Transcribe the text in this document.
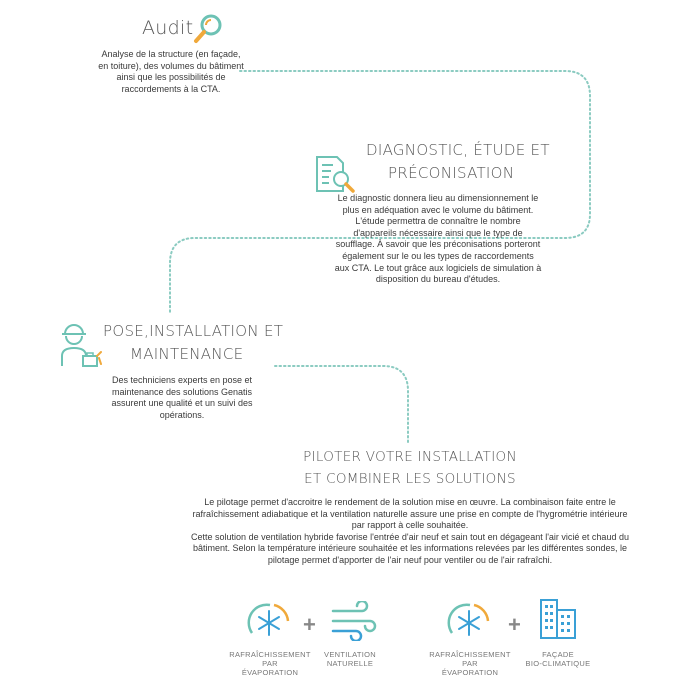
Audit
Analyse de la structure (en façade, en toiture), des volumes du bâtiment ainsi que les possibilités de raccordements à la CTA.
DIAGNOSTIC, ÉTUDE ET
PRÉCONISATION
Le diagnostic donnera lieu au dimensionnement le plus en adéquation avec le volume du bâtiment. L'étude permettra de connaître le nombre d'appareils nécessaire ainsi que le type de soufflage. À savoir que les préconisations porteront également sur le ou les types de raccordements aux CTA. Le tout grâce aux logiciels de simulation à disposition du bureau d'études.
POSE,INSTALLATION ET
MAINTENANCE
Des techniciens experts en pose et maintenance des solutions Genatis assurent une qualité et un suivi des opérations.
PILOTER VOTRE INSTALLATION
ET COMBINER LES SOLUTIONS
Le pilotage permet d'accroitre le rendement de la solution mise en œuvre. La combinaison faite entre le rafraîchissement adiabatique et la ventilation naturelle assure une prise en compte de l'hygrométrie intérieure par rapport à celle souhaitée.
Cette solution de ventilation hybride favorise l'entrée d'air neuf et sain tout en dégageant l'air vicié et chaud du bâtiment. Selon la température intérieure souhaitée et les informations relevées par les différentes sondes, le pilotage permet d'apporter de l'air neuf pour ventiler ou de l'air rafraîchi.
+	+
RAFRAÎCHISSEMENT
PAR
ÉVAPORATION
VENTILATION
NATURELLE
RAFRAÎCHISSEMENT
PAR
ÉVAPORATION
FAÇADE
BIO-CLIMATIQUE
